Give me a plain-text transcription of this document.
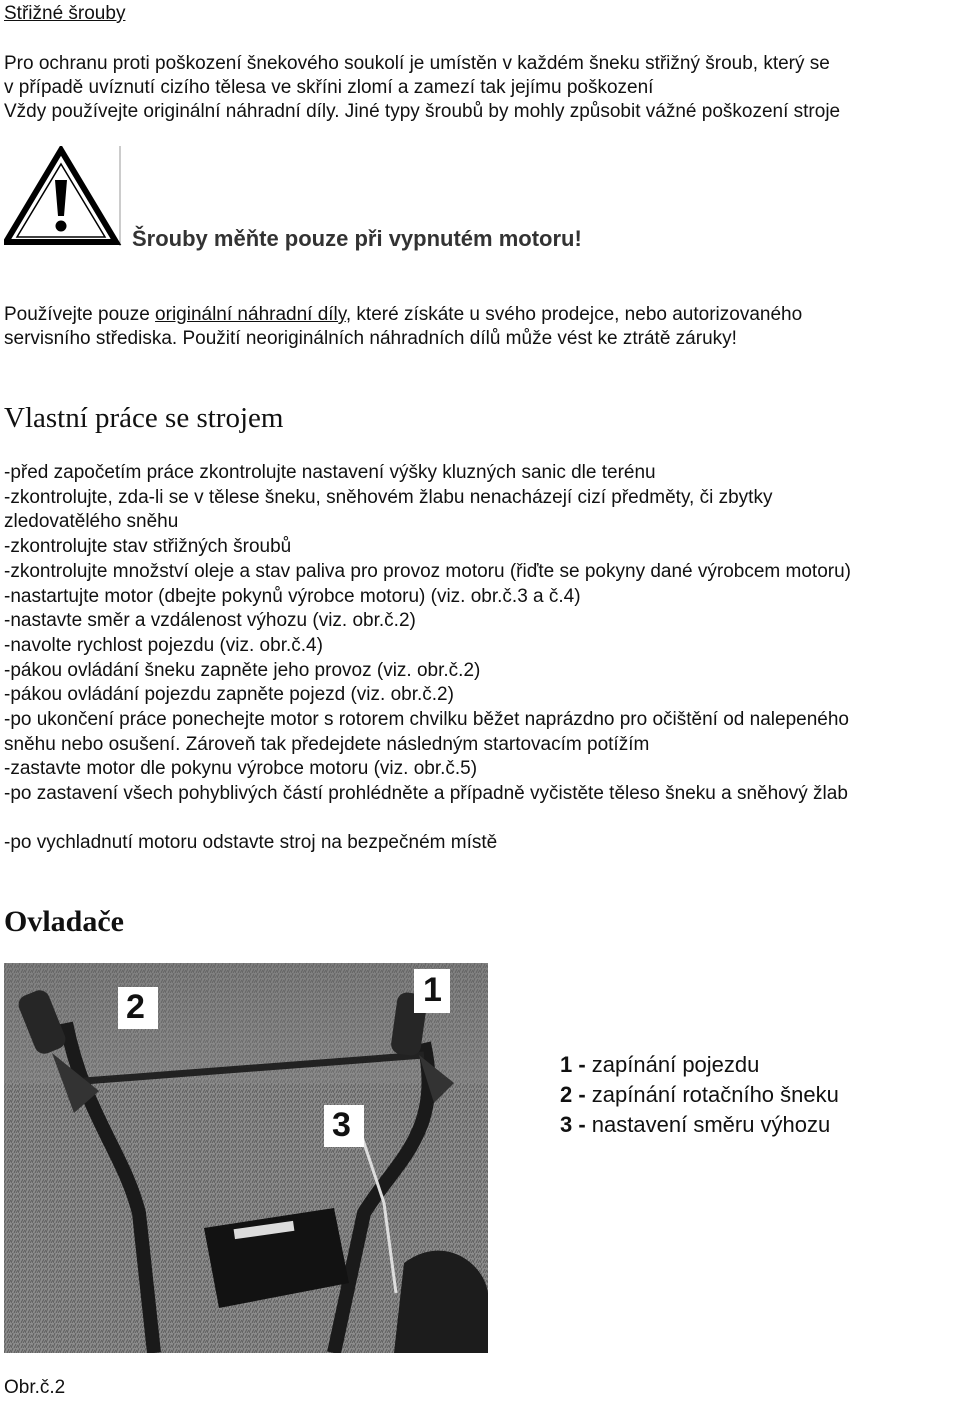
Střižné šrouby
Pro ochranu proti poškození šnekového soukolí je umístěn v každém šneku střižný šroub, který se
v případě uvíznutí cizího tělesa ve skříni zlomí a zamezí tak jejímu poškození
Vždy používejte originální náhradní díly. Jiné typy šroubů by mohly způsobit vážné poškození stroje
Šrouby měňte pouze při vypnutém motoru!
Používejte pouze originální náhradní díly, které získáte u svého prodejce, nebo autorizovaného
servisního střediska. Použití neoriginálních náhradních dílů může vést ke ztrátě záruky!
Vlastní práce se strojem
-před započetím práce zkontrolujte nastavení výšky kluzných sanic dle terénu
-zkontrolujte, zda-li se v tělese šneku, sněhovém žlabu nenacházejí cizí předměty, či zbytky
zledovatělého sněhu
-zkontrolujte stav střižných šroubů
-zkontrolujte množství oleje a stav paliva pro provoz motoru (řiďte se pokyny dané výrobcem motoru)
-nastartujte motor (dbejte pokynů výrobce motoru) (viz. obr.č.3 a č.4)
-nastavte směr a vzdálenost výhozu (viz. obr.č.2)
-navolte rychlost pojezdu (viz. obr.č.4)
-pákou ovládání šneku zapněte jeho provoz (viz. obr.č.2)
-pákou ovládání pojezdu zapněte pojezd (viz. obr.č.2)
-po ukončení práce ponechejte motor s rotorem chvilku běžet naprázdno pro očištění od nalepeného
sněhu nebo osušení. Zároveň tak předejdete následným startovacím potížím
-zastavte motor dle pokynu výrobce motoru (viz. obr.č.5)
-po zastavení všech pohyblivých částí prohlédněte a případně vyčistěte těleso šneku a sněhový žlab
-po vychladnutí motoru odstavte stroj na bezpečném místě
Ovladače
1
2
3
1 - zapínání pojezdu
2 - zapínání rotačního šneku
3 - nastavení směru výhozu
Obr.č.2
